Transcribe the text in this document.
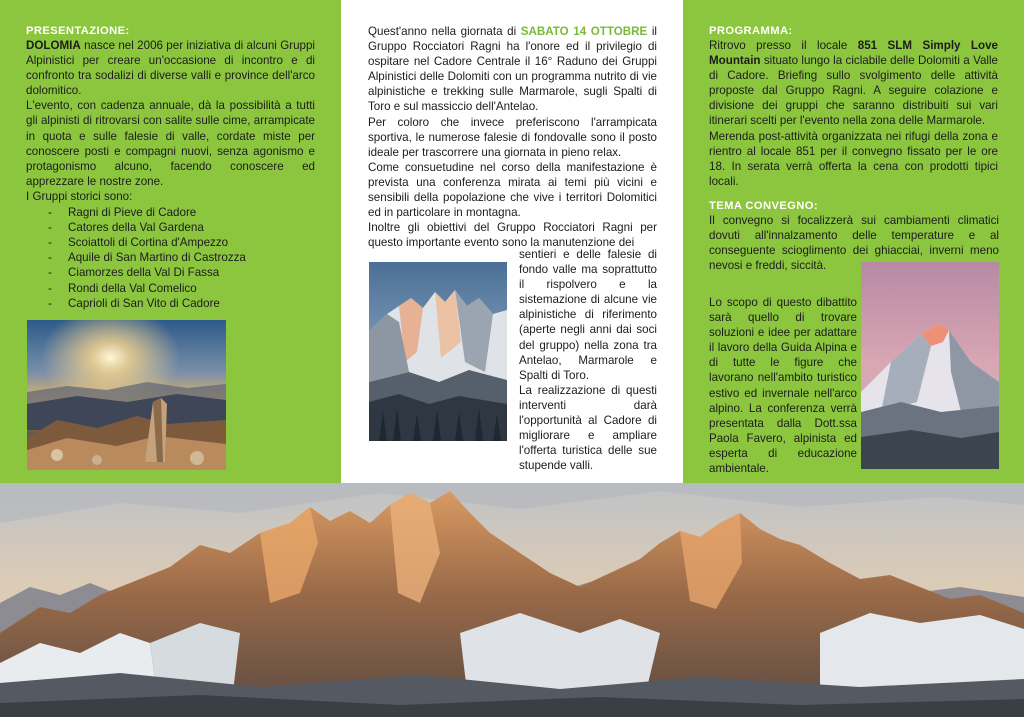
PRESENTAZIONE:

DOLOMIA nasce nel 2006 per iniziativa di alcuni Gruppi Alpinistici per creare un'occasione di incontro e di confronto tra sodalizi di diverse valli e province dell'arco dolomitico.

L'evento, con cadenza annuale, dà la possibilità a tutti gli alpinisti di ritrovarsi con salite sulle cime, arrampicate in quota e sulle falesie di valle, cordate miste per conoscere posti e compagni nuovi, senza agonismo e protagonismo alcuno, facendo conoscere ed apprezzare le nostre zone.

I Gruppi storici sono:

-	Ragni di Pieve di Cadore
-	Catores della Val Gardena
-	Scoiattoli di Cortina d'Ampezzo
-	Aquile di San Martino di Castrozza
-	Ciamorzes della Val Di Fassa
-	Rondi della Val Comelico
-	Caprioli di San Vito di Cadore

Quest'anno nella giornata di SABATO 14 OTTOBRE il Gruppo Rocciatori Ragni ha l'onore ed il privilegio di ospitare nel Cadore Centrale il 16° Raduno dei Gruppi Alpinistici delle Dolomiti con un programma nutrito di vie alpinistiche e trekking sulle Marmarole, sugli Spalti di Toro e sul massiccio dell'Antelao.

Per coloro che invece preferiscono l'arrampicata sportiva, le numerose falesie di fondovalle sono il posto ideale per trascorrere una giornata in pieno relax.

Come consuetudine nel corso della manifestazione è prevista una conferenza mirata ai temi più vicini e sensibili della popolazione che vive i territori Dolomitici ed in particolare in montagna.

Inoltre gli obiettivi del Gruppo Rocciatori Ragni per questo importante evento sono la manutenzione dei

sentieri e delle falesie di fondo valle ma soprattutto il rispolvero e la sistemazione di alcune vie alpinistiche di riferimento (aperte negli anni dai soci del gruppo) nella zona tra Antelao, Marmarole e Spalti di Toro.

La realizzazione di questi interventi darà l'opportunità al Cadore di migliorare e ampliare l'offerta turistica delle sue stupende valli.

PROGRAMMA:

Ritrovo presso il locale 851 SLM Simply Love Mountain situato lungo la ciclabile delle Dolomiti a Valle di Cadore. Briefing sullo svolgimento delle attività proposte dal Gruppo Ragni. A seguire colazione e divisione dei gruppi che saranno distribuiti sui vari itinerari scelti per l'evento nella zona delle Marmarole.

Merenda post-attività organizzata nei rifugi della zona e rientro al locale 851 per il convegno fissato per le ore 18. In serata verrà offerta la cena con prodotti tipici locali.

TEMA CONVEGNO:

Il convegno si focalizzerà sui cambiamenti climatici dovuti all'innalzamento delle temperature e al conseguente scioglimento dei ghiacciai, inverni meno nevosi e freddi, siccità.

Lo scopo di questo dibattito sarà quello di trovare soluzioni e idee per adattare il lavoro della Guida Alpina e di tutte le figure che lavorano nell'ambito turistico estivo ed invernale nell'arco alpino. La conferenza verrà presentata dalla Dott.ssa Paola Favero, alpinista ed esperta di educazione ambientale.
